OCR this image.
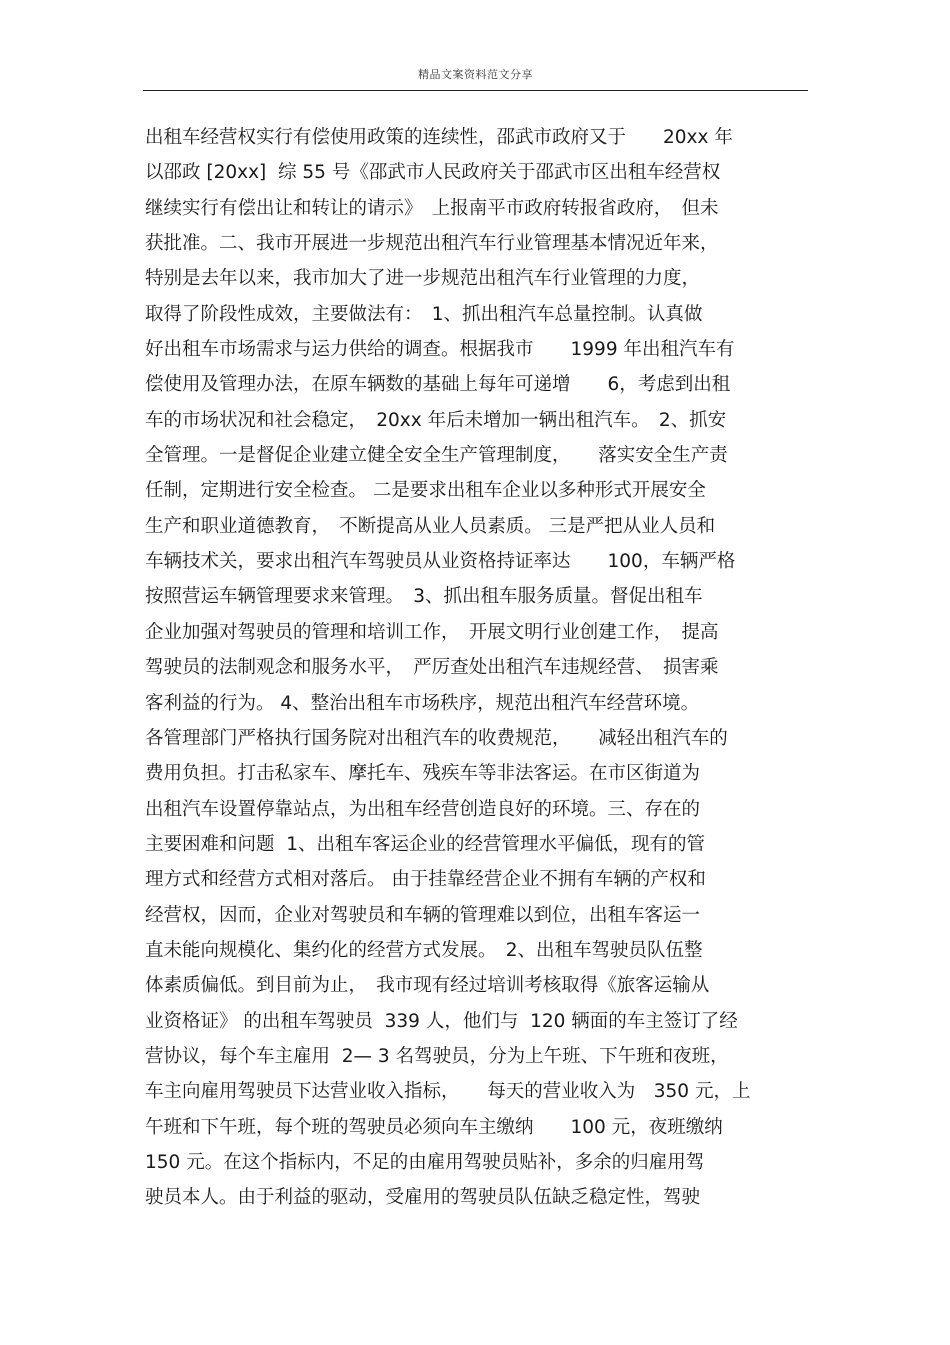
精品文案资料范文分享
出租车经营权实行有偿使用政策的连续性，邵武市政府又于　　20xx 年
以邵政 [20xx]  综 55 号《邵武市人民政府关于邵武市区出租车经营权
继续实行有偿出让和转让的请示》　上报南平市政府转报省政府，　但未
获批准。二、我市开展进一步规范出租汽车行业管理基本情况近年来，
特别是去年以来，我市加大了进一步规范出租汽车行业管理的力度，
取得了阶段性成效，主要做法有：　1、抓出租汽车总量控制。认真做
好出租车市场需求与运力供给的调查。根据我市　　1999 年出租汽车有
偿使用及管理办法，在原车辆数的基础上每年可递增　　6，考虑到出租
车的市场状况和社会稳定，　20xx 年后未增加一辆出租汽车。　2、抓安
全管理。一是督促企业建立健全安全生产管理制度，　　落实安全生产责
任制，定期进行安全检查。 二是要求出租车企业以多种形式开展安全
生产和职业道德教育，　不断提高从业人员素质。 三是严把从业人员和
车辆技术关，要求出租汽车驾驶员从业资格持证率达　　100，车辆严格
按照营运车辆管理要求来管理。　3、抓出租车服务质量。督促出租车
企业加强对驾驶员的管理和培训工作，　开展文明行业创建工作，　提高
驾驶员的法制观念和服务水平，　严厉查处出租汽车违规经营、　损害乘
客利益的行为。 4、整治出租车市场秩序，规范出租汽车经营环境。
各管理部门严格执行国务院对出租汽车的收费规范，　　减轻出租汽车的
费用负担。打击私家车、摩托车、残疾车等非法客运。在市区街道为
出租汽车设置停靠站点，为出租车经营创造良好的环境。三、存在的
主要困难和问题  1、出租车客运企业的经营管理水平偏低，现有的管
理方式和经营方式相对落后。 由于挂靠经营企业不拥有车辆的产权和
经营权，因而，企业对驾驶员和车辆的管理难以到位，出租车客运一
直未能向规模化、集约化的经营方式发展。　2、出租车驾驶员队伍整
体素质偏低。到目前为止，　我市现有经过培训考核取得《旅客运输从
业资格证》 的出租车驾驶员  339 人，他们与  120 辆面的车主签订了经
营协议，每个车主雇用  2— 3 名驾驶员，分为上午班、下午班和夜班，
车主向雇用驾驶员下达营业收入指标，　　每天的营业收入为　350 元，上
午班和下午班，每个班的驾驶员必须向车主缴纳　　100 元，夜班缴纳
150 元。在这个指标内，不足的由雇用驾驶员贴补，多余的归雇用驾
驶员本人。由于利益的驱动，受雇用的驾驶员队伍缺乏稳定性，驾驶
